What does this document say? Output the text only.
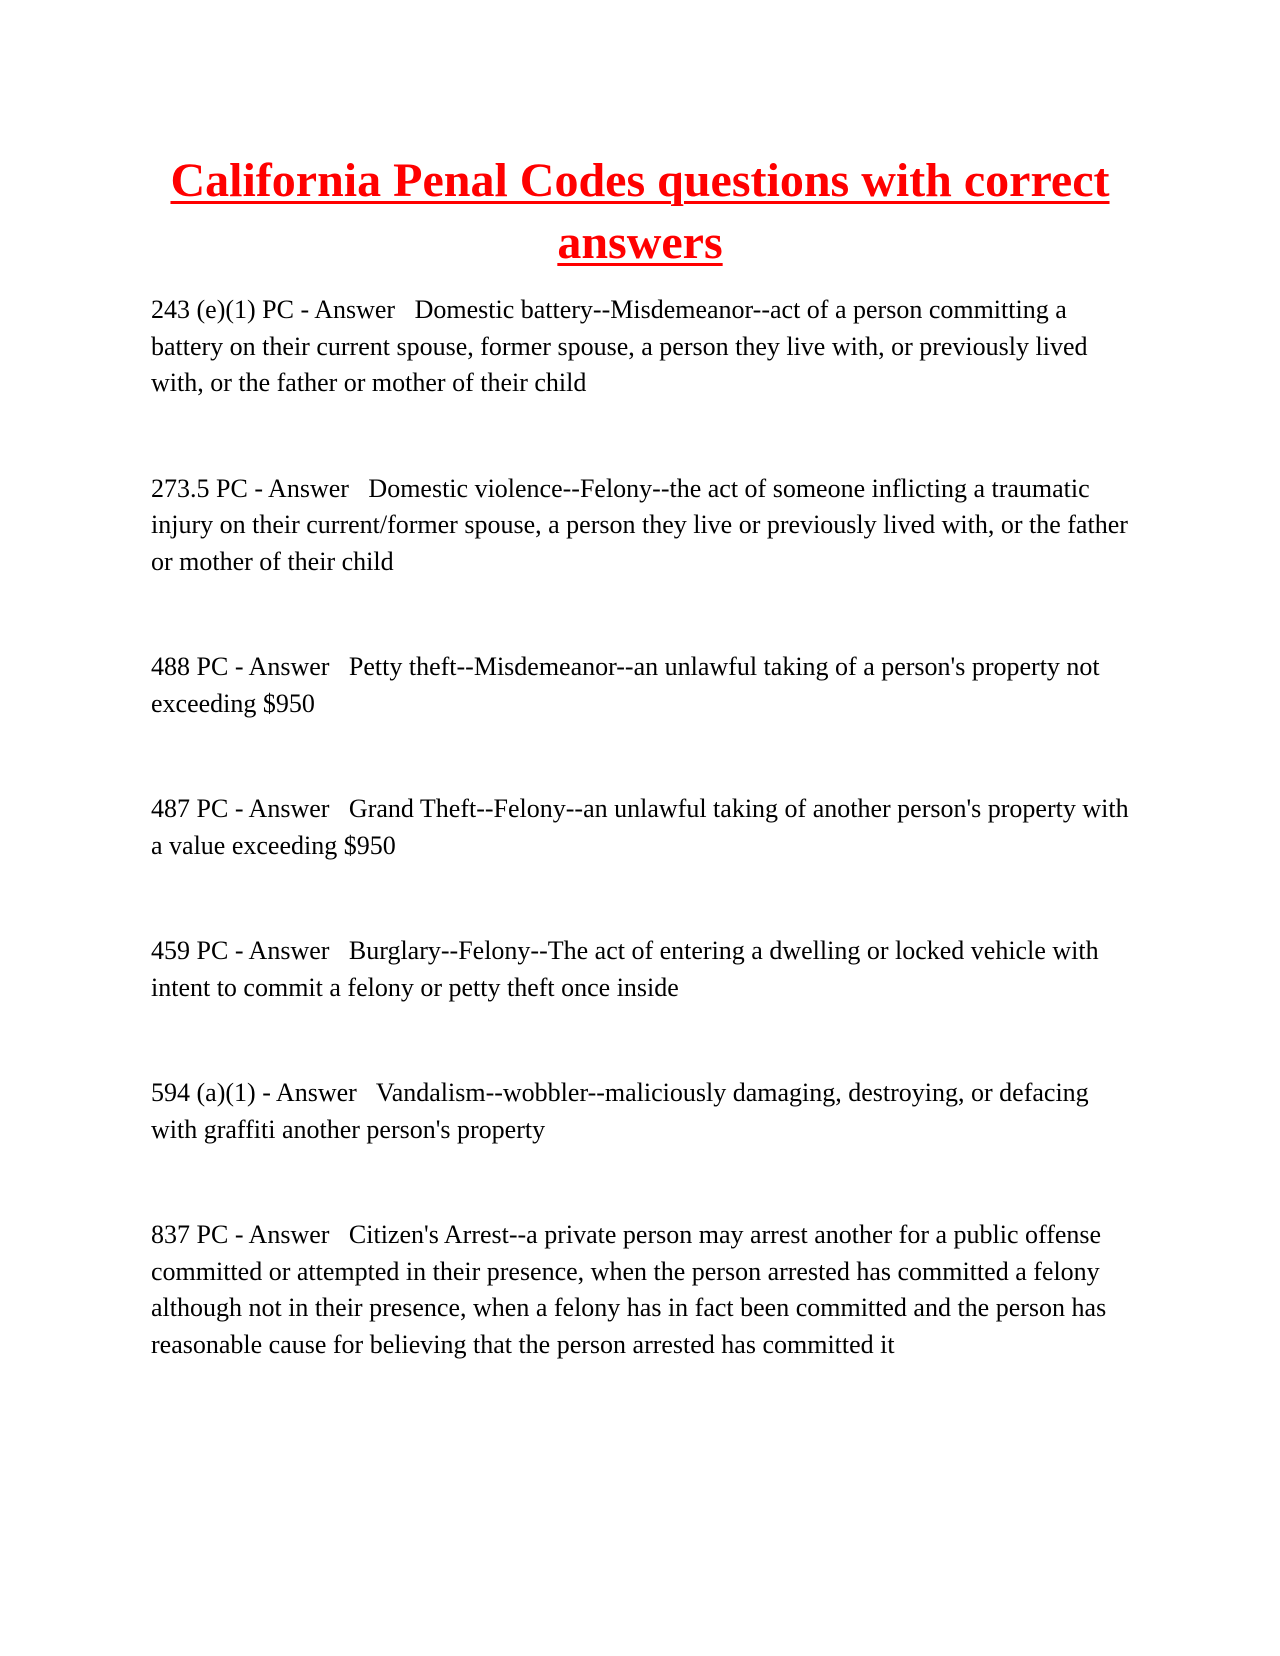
California Penal Codes questions with correct answers

243 (e)(1) PC - Answer Domestic battery--Misdemeanor--act of a person committing a battery on their current spouse, former spouse, a person they live with, or previously lived with, or the father or mother of their child

273.5 PC - Answer Domestic violence--Felony--the act of someone inflicting a traumatic injury on their current/former spouse, a person they live or previously lived with, or the father or mother of their child

488 PC - Answer Petty theft--Misdemeanor--an unlawful taking of a person's property not exceeding $950

487 PC - Answer Grand Theft--Felony--an unlawful taking of another person's property with a value exceeding $950

459 PC - Answer Burglary--Felony--The act of entering a dwelling or locked vehicle with intent to commit a felony or petty theft once inside

594 (a)(1) - Answer Vandalism--wobbler--maliciously damaging, destroying, or defacing with graffiti another person's property

837 PC - Answer Citizen's Arrest--a private person may arrest another for a public offense committed or attempted in their presence, when the person arrested has committed a felony although not in their presence, when a felony has in fact been committed and the person has reasonable cause for believing that the person arrested has committed it
